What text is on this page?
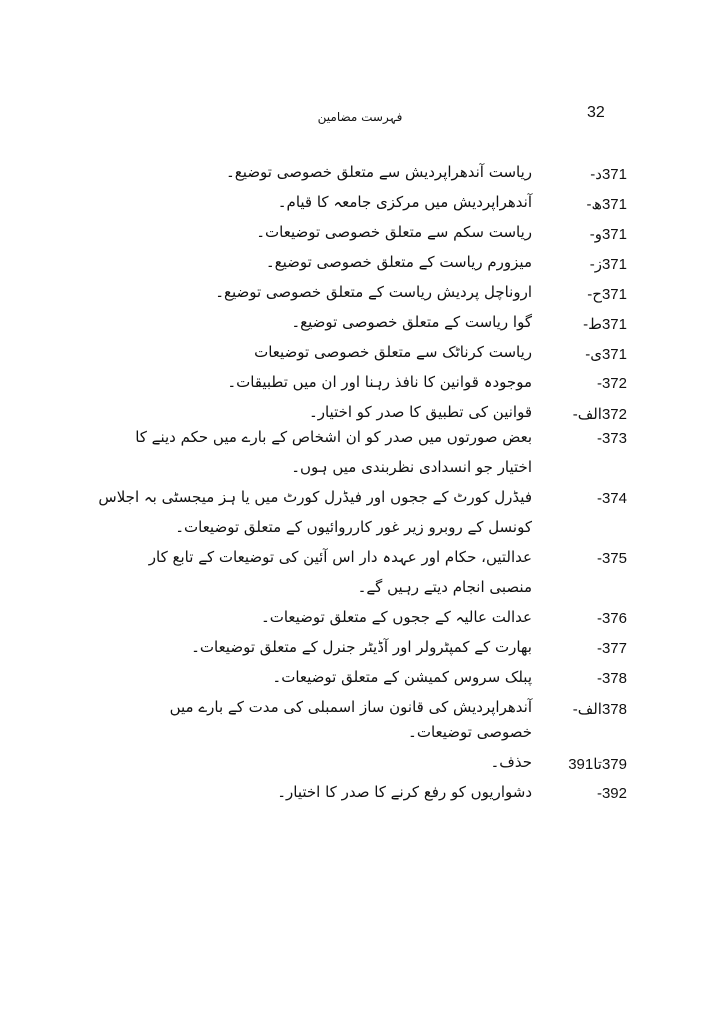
32
فہرست مضامین
371د-
ریاست آندھراپردیش سے متعلق خصوصی توضیع۔
371ھ-
آندھراپردیش میں مرکزی جامعہ کا قیام۔
371و-
ریاست سکم سے متعلق خصوصی توضیعات۔
371ز-
میزورم ریاست کے متعلق خصوصی توضیع۔
371ح-
اروناچل پردیش ریاست کے متعلق خصوصی توضیع۔
371ط-
گوا ریاست کے متعلق خصوصی توضیع۔
371ی-
ریاست کرناٹک سے متعلق خصوصی توضیعات
372-
موجودہ قوانین کا نافذ رہنا اور ان میں تطبیقات۔
372الف-
قوانین کی تطبیق کا صدر کو اختیار۔
373-
بعض صورتوں میں صدر کو ان اشخاص کے بارے میں حکم دینے کا
اختیار جو انسدادی نظربندی میں ہوں۔
374-
فیڈرل کورٹ کے ججوں اور فیڈرل کورٹ میں یا ہز میجسٹی بہ اجلاس
کونسل کے روبرو زیر غور کارروائیوں کے متعلق توضیعات۔
375-
عدالتیں، حکام اور عہدہ دار اس آئین کی توضیعات کے تابع کار
منصبی انجام دیتے رہیں گے۔
376-
عدالت عالیہ کے ججوں کے متعلق توضیعات۔
377-
بھارت کے کمپٹرولر اور آڈیٹر جنرل کے متعلق توضیعات۔
378-
پبلک سروس کمیشن کے متعلق توضیعات۔
378الف-
آندھراپردیش کی قانون ساز اسمبلی کی مدت کے بارے میں
خصوصی توضیعات۔
379تا391
حذف۔
392-
دشواریوں کو رفع کرنے کا صدر کا اختیار۔
